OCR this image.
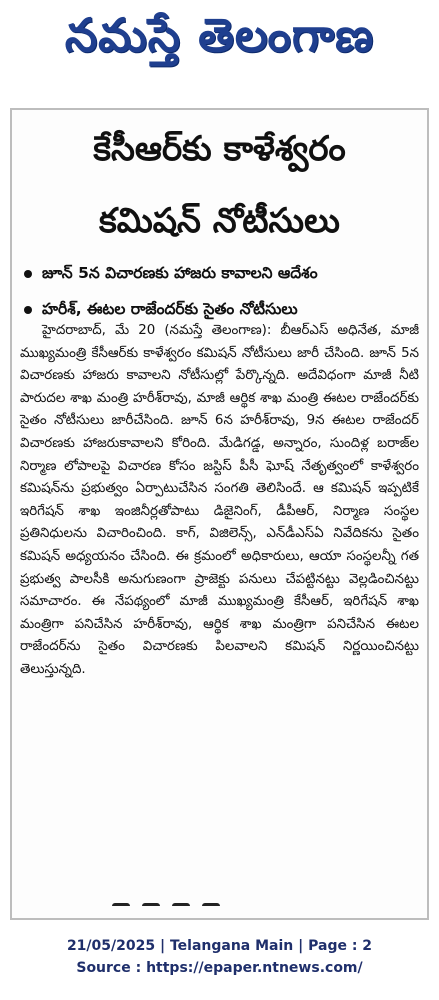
నమస్తే తెలంగాణ
కేసీఆర్‌కు కాళేశ్వరం
కమిషన్ నోటీసులు
జూన్ 5న విచారణకు హాజరు కావాలని ఆదేశం
హరీశ్, ఈటల రాజేందర్‌కు సైతం నోటీసులు

హైదరాబాద్, మే 20 (నమస్తే తెలంగాణ): బీఆర్ఎస్ అధినేత, మాజీ ముఖ్యమంత్రి కేసీఆర్‌కు కాళేశ్వరం కమిషన్ నోటీసులు జారీ చేసింది. జూన్ 5న విచారణకు హాజరు కావాలని నోటీసుల్లో పేర్కొన్నది. అదేవిధంగా మాజీ నీటి పారుదల శాఖ మంత్రి హరీశ్‌రావు, మాజీ ఆర్థిక శాఖ మంత్రి ఈటల రాజేందర్‌కు సైతం నోటీసులు జారీచేసింది. జూన్ 6న హరీశ్‌రావు, 9న ఈటల రాజేందర్ విచారణకు హాజరుకావాలని కోరింది. మేడిగడ్డ, అన్నారం, సుందిళ్ల బరాజ్‌ల నిర్మాణ లోపాలపై విచారణ కోసం జస్టిస్ పీసీ ఘోష్ నేతృత్వంలో కాళేశ్వరం కమిషన్‌ను ప్రభుత్వం ఏర్పాటుచేసిన సంగతి తెలిసిందే. ఆ కమిషన్ ఇప్పటికే ఇరిగేషన్ శాఖ ఇంజినీర్లతోపాటు డిజైనింగ్, డీపీఆర్, నిర్మాణ సంస్థల ప్రతినిధులను విచారించింది. కాగ్, విజిలెన్స్, ఎన్‌డీఎస్‌ఏ నివేదికను సైతం కమిషన్ అధ్యయనం చేసింది. ఈ క్రమంలో అధికారులు, ఆయా సంస్థలన్నీ గత ప్రభుత్వ పాలసీకి అనుగుణంగా ప్రాజెక్టు పనులు చేపట్టినట్టు వెల్లడించినట్టు సమాచారం. ఈ నేపథ్యంలో మాజీ ముఖ్యమంత్రి కేసీఆర్, ఇరిగేషన్ శాఖ మంత్రిగా పనిచేసిన హరీశ్‌రావు, ఆర్థిక శాఖ మంత్రిగా పనిచేసిన ఈటల రాజేందర్‌ను సైతం విచారణకు పిలవాలని కమిషన్ నిర్ణయించినట్టు తెలుస్తున్నది.

21/05/2025 | Telangana Main | Page : 2
Source : https://epaper.ntnews.com/
